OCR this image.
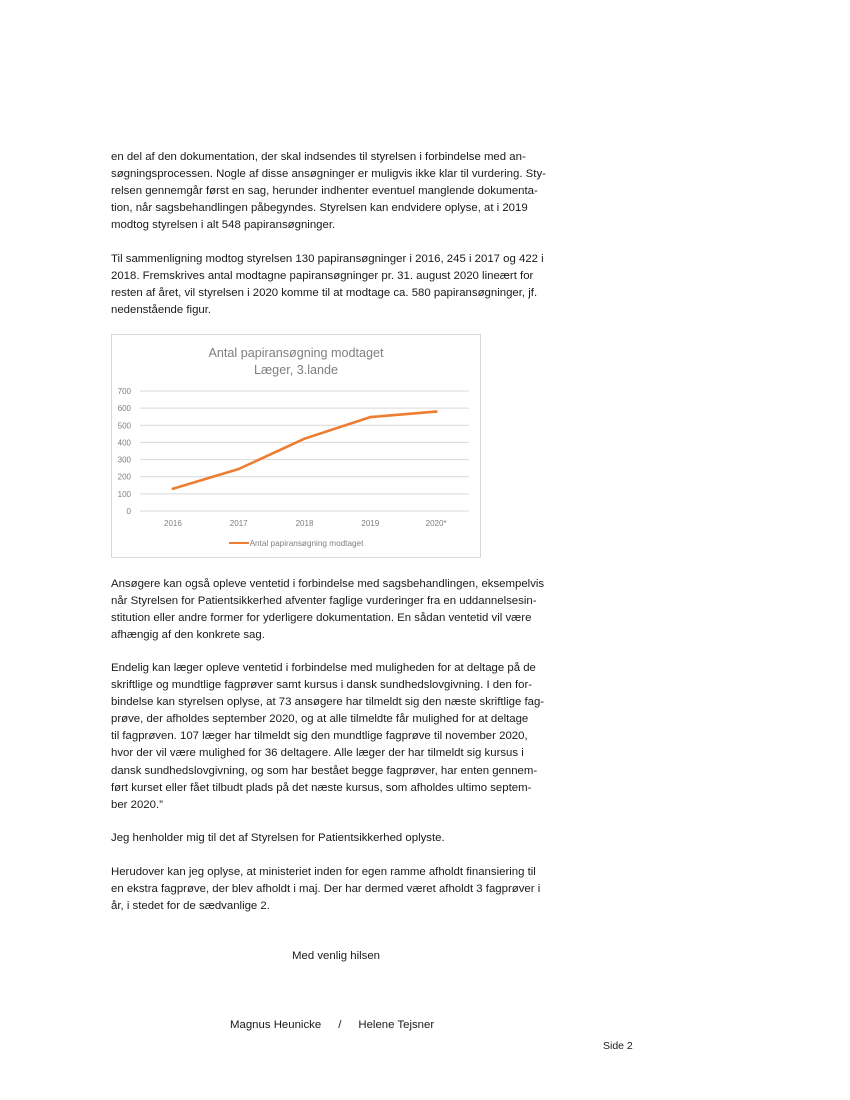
en del af den dokumentation, der skal indsendes til styrelsen i forbindelse med an-
søgningsprocessen. Nogle af disse ansøgninger er muligvis ikke klar til vurdering. Sty-
relsen gennemgår først en sag, herunder indhenter eventuel manglende dokumenta-
tion, når sagsbehandlingen påbegyndes. Styrelsen kan endvidere oplyse, at i 2019
modtog styrelsen i alt 548 papiransøgninger.
Til sammenligning modtog styrelsen 130 papiransøgninger i 2016, 245 i 2017 og 422 i
2018. Fremskrives antal modtagne papiransøgninger pr. 31. august 2020 lineært for
resten af året, vil styrelsen i 2020 komme til at modtage ca. 580 papiransøgninger, jf.
nedenstående figur.
Antal papiransøgning modtaget
Læger, 3.lande
0
100
200
300
400
500
600
700
2016	2017	2018	2019	2020*
Antal papiransøgning modtaget
Ansøgere kan også opleve ventetid i forbindelse med sagsbehandlingen, eksempelvis
når Styrelsen for Patientsikkerhed afventer faglige vurderinger fra en uddannelsesin-
stitution eller andre former for yderligere dokumentation. En sådan ventetid vil være
afhængig af den konkrete sag.
Endelig kan læger opleve ventetid i forbindelse med muligheden for at deltage på de
skriftlige og mundtlige fagprøver samt kursus i dansk sundhedslovgivning. I den for-
bindelse kan styrelsen oplyse, at 73 ansøgere har tilmeldt sig den næste skriftlige fag-
prøve, der afholdes september 2020, og at alle tilmeldte får mulighed for at deltage
til fagprøven. 107 læger har tilmeldt sig den mundtlige fagprøve til november 2020,
hvor der vil være mulighed for 36 deltagere. Alle læger der har tilmeldt sig kursus i
dansk sundhedslovgivning, og som har bestået begge fagprøver, har enten gennem-
ført kurset eller fået tilbudt plads på det næste kursus, som afholdes ultimo septem-
ber 2020.”
Jeg henholder mig til det af Styrelsen for Patientsikkerhed oplyste.
Herudover kan jeg oplyse, at ministeriet inden for egen ramme afholdt finansiering til
en ekstra fagprøve, der blev afholdt i maj. Der har dermed været afholdt 3 fagprøver i
år, i stedet for de sædvanlige 2.
Med venlig hilsen
Magnus Heunicke / Helene Tejsner
Side 2
